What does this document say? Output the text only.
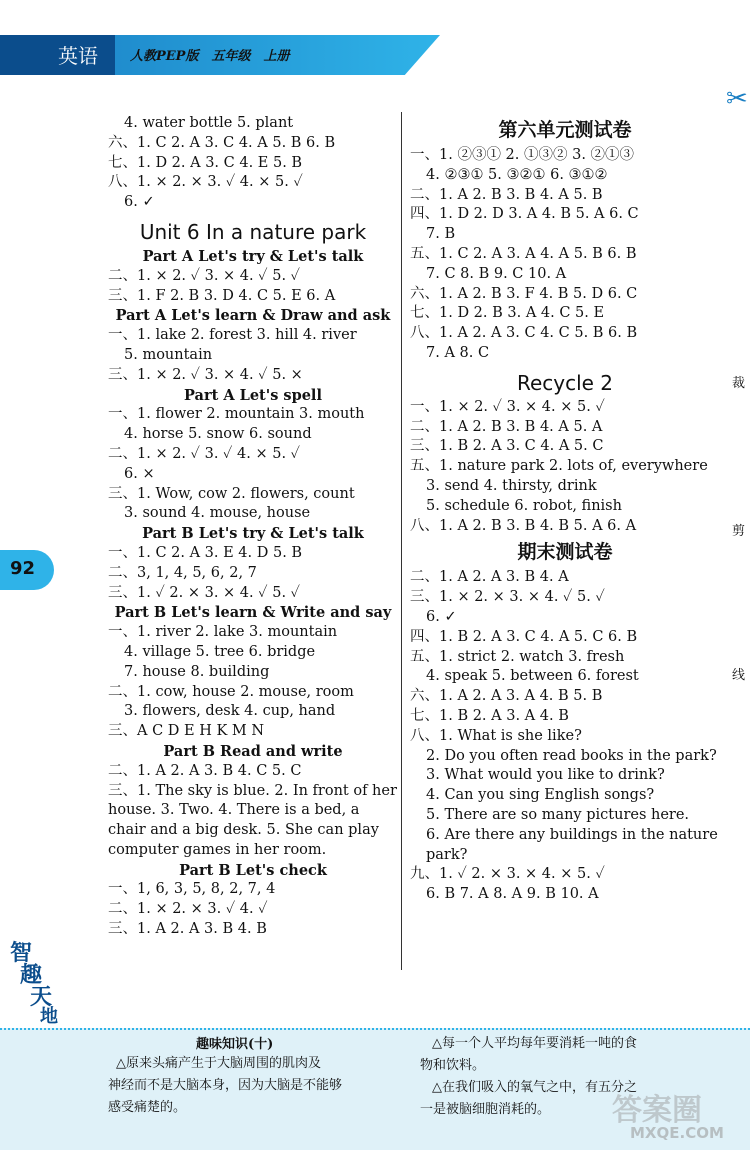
英语 人教PEP版　五年级　上册
✂
裁
剪
线
92
4. water bottle 5. plant
六、1. C 2. A 3. C 4. A 5. B 6. B
七、1. D 2. A 3. C 4. E 5. B
八、1. × 2. × 3. ✓ 4. × 5. ✓
6. ✓
Unit 6 In a nature park
Part A Let's try & Let's talk
二、1. × 2. ✓ 3. × 4. ✓ 5. ✓
三、1. F 2. B 3. D 4. C 5. E 6. A
Part A Let's learn & Draw and ask
一、1. lake 2. forest 3. hill 4. river
5. mountain
三、1. × 2. ✓ 3. × 4. ✓ 5. ×
Part A Let's spell
一、1. flower 2. mountain 3. mouth
4. horse 5. snow 6. sound
二、1. × 2. ✓ 3. ✓ 4. × 5. ✓
6. ×
三、1. Wow, cow 2. flowers, count
3. sound 4. mouse, house
Part B Let's try & Let's talk
一、1. C 2. A 3. E 4. D 5. B
二、3, 1, 4, 5, 6, 2, 7
三、1. ✓ 2. × 3. × 4. ✓ 5. ✓
Part B Let's learn & Write and say
一、1. river 2. lake 3. mountain
4. village 5. tree 6. bridge
7. house 8. building
二、1. cow, house 2. mouse, room
3. flowers, desk 4. cup, hand
三、A C D E H K M N
Part B Read and write
二、1. A 2. A 3. B 4. C 5. C
三、1. The sky is blue. 2. In front of her
house. 3. Two. 4. There is a bed, a
chair and a big desk. 5. She can play
computer games in her room.
Part B Let's check
一、1, 6, 3, 5, 8, 2, 7, 4
二、1. × 2. × 3. ✓ 4. ✓
三、1. A 2. A 3. B 4. B
第六单元测试卷
一、1. ②③① 2. ①③② 3. ②①③
4. ②③① 5. ③②① 6. ③①②
二、1. A 2. B 3. B 4. A 5. B
四、1. D 2. D 3. A 4. B 5. A 6. C
7. B
五、1. C 2. A 3. A 4. A 5. B 6. B
7. C 8. B 9. C 10. A
六、1. A 2. B 3. F 4. B 5. D 6. C
七、1. D 2. B 3. A 4. C 5. E
八、1. A 2. A 3. C 4. C 5. B 6. B
7. A 8. C
Recycle 2
一、1. × 2. ✓ 3. × 4. × 5. ✓
二、1. A 2. B 3. B 4. A 5. A
三、1. B 2. A 3. C 4. A 5. C
五、1. nature park 2. lots of, everywhere
3. send 4. thirsty, drink
5. schedule 6. robot, finish
八、1. A 2. B 3. B 4. B 5. A 6. A
期末测试卷
二、1. A 2. A 3. B 4. A
三、1. × 2. × 3. × 4. ✓ 5. ✓
6. ✓
四、1. B 2. A 3. C 4. A 5. C 6. B
五、1. strict 2. watch 3. fresh
4. speak 5. between 6. forest
六、1. A 2. A 3. A 4. B 5. B
七、1. B 2. A 3. A 4. B
八、1. What is she like?
2. Do you often read books in the park?
3. What would you like to drink?
4. Can you sing English songs?
5. There are so many pictures here.
6. Are there any buildings in the nature
park?
九、1. ✓ 2. × 3. × 4. × 5. ✓
6. B 7. A 8. A 9. B 10. A
智
趣
天
地
趣味知识(十)
△原来头痛产生于大脑周围的肌肉及
神经而不是大脑本身，因为大脑是不能够
感受痛楚的。
△每一个人平均每年要消耗一吨的食
物和饮料。
△在我们吸入的氧气之中，有五分之
一是被脑细胞消耗的。 答案圈
MXQE.COM
